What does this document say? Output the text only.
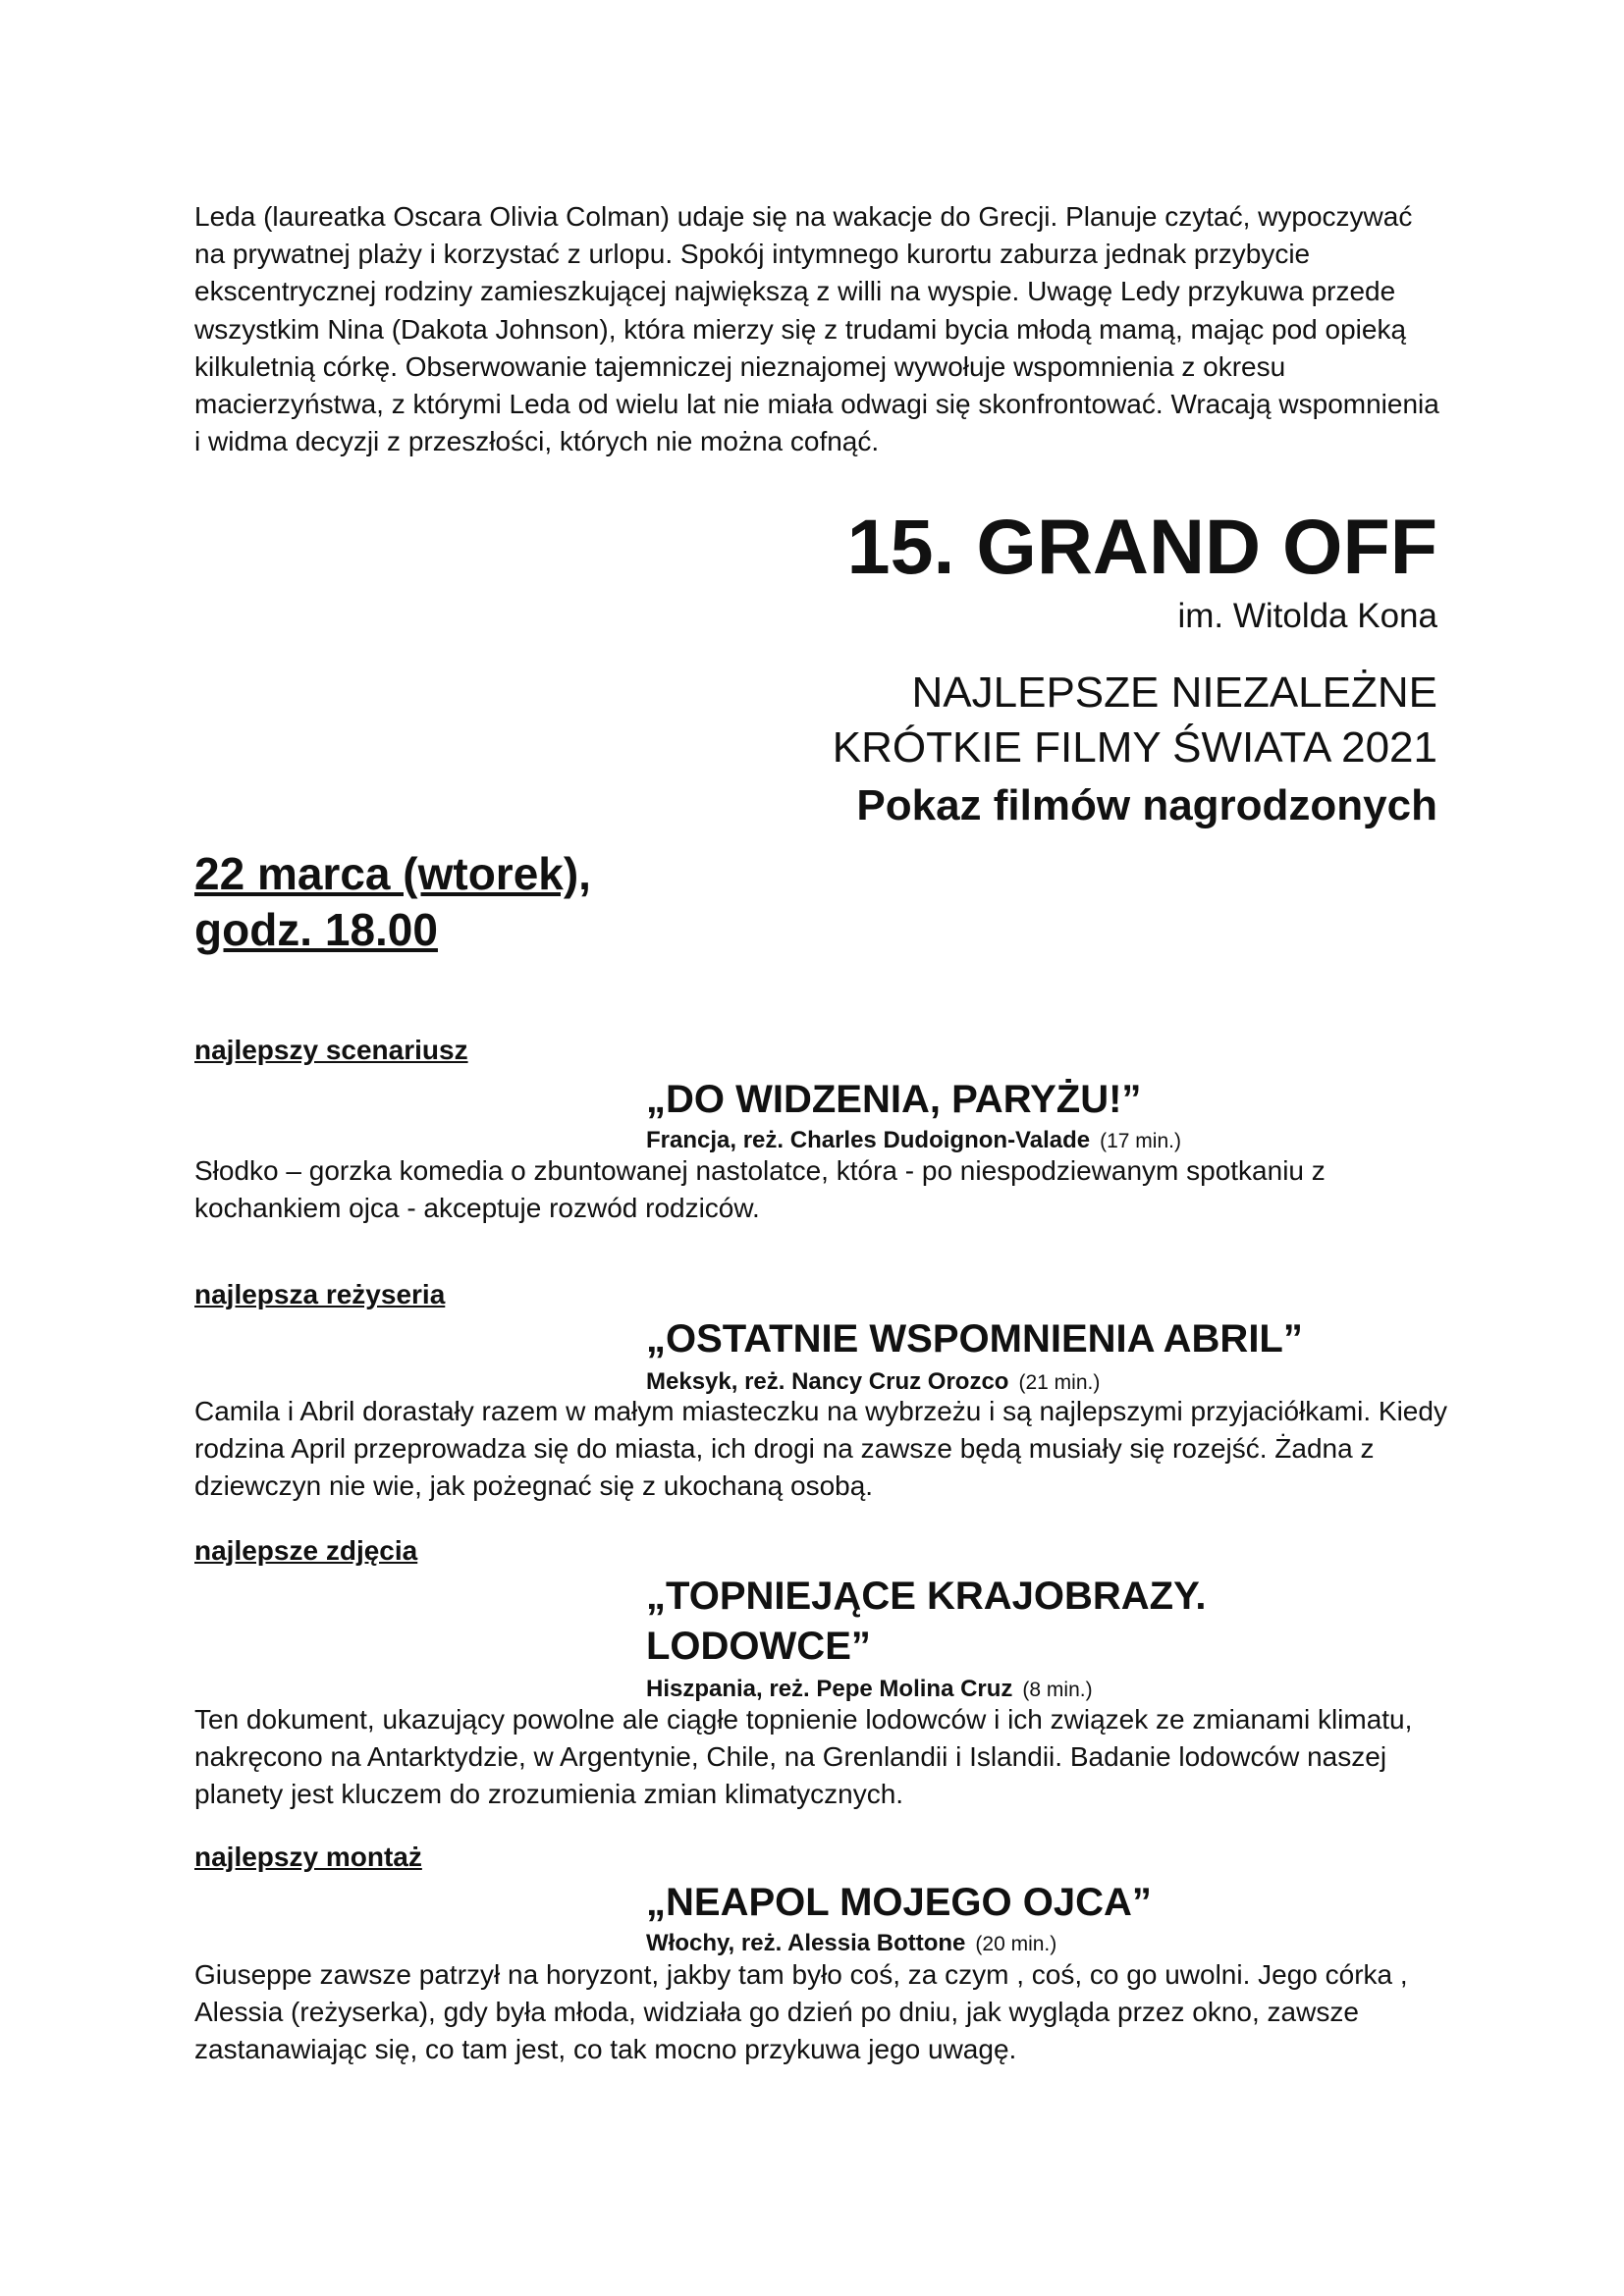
Leda (laureatka Oscara Olivia Colman) udaje się na wakacje do Grecji. Planuje czytać, wypoczywać na prywatnej plaży i korzystać z urlopu. Spokój intymnego kurortu zaburza jednak przybycie ekscentrycznej rodziny zamieszkującej największą z willi na wyspie. Uwagę Ledy przykuwa przede wszystkim Nina (Dakota Johnson), która mierzy się z trudami bycia młodą mamą, mając pod opieką kilkuletnią córkę. Obserwowanie tajemniczej nieznajomej wywołuje wspomnienia z okresu macierzyństwa, z którymi Leda od wielu lat nie miała odwagi się skonfrontować. Wracają wspomnienia i widma decyzji z przeszłości, których nie można cofnąć.

15. GRAND OFF
im. Witolda Kona
NAJLEPSZE NIEZALEŻNE
KRÓTKIE FILMY ŚWIATA 2021
Pokaz filmów nagrodzonych
22 marca (wtorek),
godz. 18.00
najlepszy scenariusz
„DO WIDZENIA, PARYŻU!”
Francja, reż. Charles Dudoignon-Valade (17 min.)

Słodko – gorzka komedia o zbuntowanej nastolatce, która - po niespodziewanym spotkaniu z kochankiem ojca - akceptuje rozwód rodziców.

najlepsza reżyseria
„OSTATNIE WSPOMNIENIA ABRIL”
Meksyk, reż. Nancy Cruz Orozco (21 min.)

Camila i Abril dorastały razem w małym miasteczku na wybrzeżu i są najlepszymi przyjaciółkami. Kiedy rodzina April przeprowadza się do miasta, ich drogi na zawsze będą musiały się rozejść. Żadna z dziewczyn nie wie, jak pożegnać się z ukochaną osobą.

najlepsze zdjęcia
„TOPNIEJĄCE KRAJOBRAZY.
LODOWCE”
Hiszpania, reż. Pepe Molina Cruz (8 min.)

Ten dokument, ukazujący powolne ale ciągłe topnienie lodowców i ich związek ze zmianami klimatu, nakręcono na Antarktydzie, w Argentynie, Chile, na Grenlandii i Islandii. Badanie lodowców naszej planety jest kluczem do zrozumienia zmian klimatycznych.

najlepszy montaż
„NEAPOL MOJEGO OJCA”
Włochy, reż. Alessia Bottone (20 min.)

Giuseppe zawsze patrzył na horyzont, jakby tam było coś, za czym , coś, co go uwolni. Jego córka , Alessia (reżyserka), gdy była młoda, widziała go dzień po dniu, jak wygląda przez okno, zawsze zastanawiając się, co tam jest, co tak mocno przykuwa jego uwagę.
